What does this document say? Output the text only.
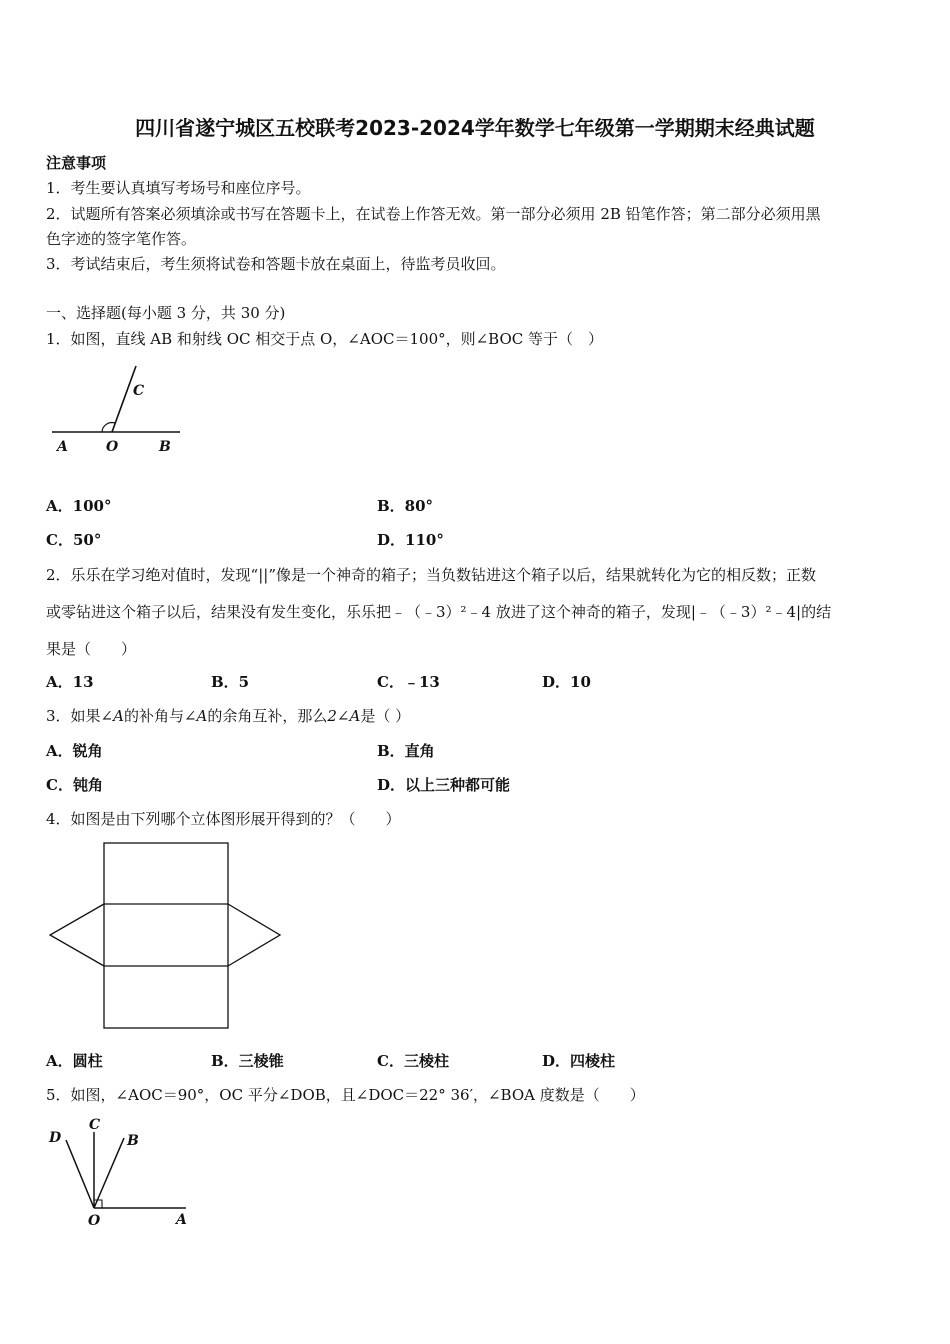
四川省遂宁城区五校联考2023-2024学年数学七年级第一学期期末经典试题
注意事项
1．考生要认真填写考场号和座位序号。
2．试题所有答案必须填涂或书写在答题卡上，在试卷上作答无效。第一部分必须用 2B 铅笔作答；第二部分必须用黑
色字迹的签字笔作答。
3．考试结束后，考生须将试卷和答题卡放在桌面上，待监考员收回。
一、选择题(每小题 3 分，共 30 分)
1．如图，直线 AB 和射线 OC 相交于点 O，∠AOC＝100°，则∠BOC 等于（　）
A	O	B
C
A．100°	B．80°
C．50°	D．110°
2．乐乐在学习绝对值时，发现“||”像是一个神奇的箱子；当负数钻进这个箱子以后，结果就转化为它的相反数；正数
或零钻进这个箱子以后，结果没有发生变化，乐乐把﹣（﹣3）²﹣4 放进了这个神奇的箱子，发现|﹣（﹣3）²﹣4|的结
果是（　　）
A．13	B．5	C．﹣13	D．10
3．如果∠A的补角与∠A的余角互补，那么2∠A是（ ）
A．锐角	B．直角
C．钝角	D．以上三种都可能
4．如图是由下列哪个立体图形展开得到的？（　　）
A．圆柱	B．三棱锥	C．三棱柱	D．四棱柱
5．如图，∠AOC＝90°，OC 平分∠DOB，且∠DOC＝22° 36′，∠BOA 度数是（　　）
D
C
B
O	A
